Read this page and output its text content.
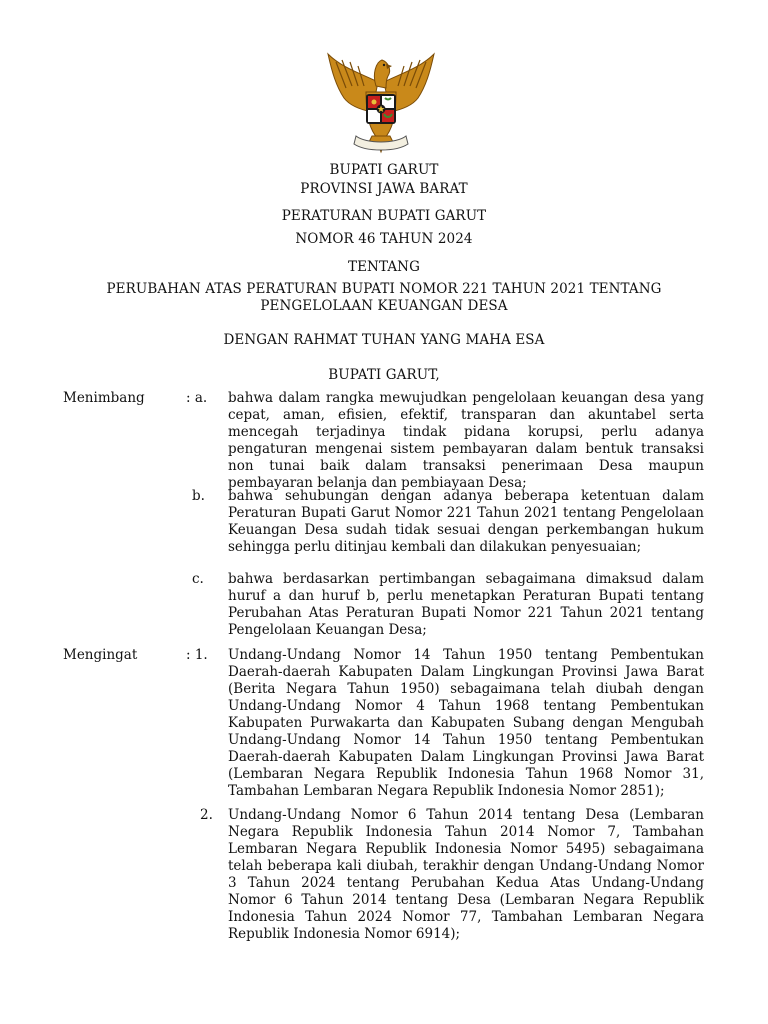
BUPATI GARUT
PROVINSI JAWA BARAT
PERATURAN BUPATI GARUT
NOMOR 46 TAHUN 2024
TENTANG
PERUBAHAN ATAS PERATURAN BUPATI NOMOR 221 TAHUN 2021 TENTANG
PENGELOLAAN KEUANGAN DESA
DENGAN RAHMAT TUHAN YANG MAHA ESA
BUPATI GARUT,
Menimbang	: a. bahwa dalam rangka mewujudkan pengelolaan keuangan desa yang cepat, aman, efisien, efektif, transparan dan akuntabel serta mencegah terjadinya tindak pidana korupsi, perlu adanya pengaturan mengenai sistem pembayaran dalam bentuk transaksi non tunai baik dalam transaksi penerimaan Desa maupun pembayaran belanja dan pembiayaan Desa;
b. bahwa sehubungan dengan adanya beberapa ketentuan dalam Peraturan Bupati Garut Nomor 221 Tahun 2021 tentang Pengelolaan Keuangan Desa sudah tidak sesuai dengan perkembangan hukum sehingga perlu ditinjau kembali dan dilakukan penyesuaian;
c. bahwa berdasarkan pertimbangan sebagaimana dimaksud dalam huruf a dan huruf b, perlu menetapkan Peraturan Bupati tentang Perubahan Atas Peraturan Bupati Nomor 221 Tahun 2021 tentang Pengelolaan Keuangan Desa;
Mengingat	: 1. Undang-Undang Nomor 14 Tahun 1950 tentang Pembentukan Daerah-daerah Kabupaten Dalam Lingkungan Provinsi Jawa Barat (Berita Negara Tahun 1950) sebagaimana telah diubah dengan Undang-Undang Nomor 4 Tahun 1968 tentang Pembentukan Kabupaten Purwakarta dan Kabupaten Subang dengan Mengubah Undang-Undang Nomor 14 Tahun 1950 tentang Pembentukan Daerah-daerah Kabupaten Dalam Lingkungan Provinsi Jawa Barat (Lembaran Negara Republik Indonesia Tahun 1968 Nomor 31, Tambahan Lembaran Negara Republik Indonesia Nomor 2851);
2. Undang-Undang Nomor 6 Tahun 2014 tentang Desa (Lembaran Negara Republik Indonesia Tahun 2014 Nomor 7, Tambahan Lembaran Negara Republik Indonesia Nomor 5495) sebagaimana telah beberapa kali diubah, terakhir dengan Undang-Undang Nomor 3 Tahun 2024 tentang Perubahan Kedua Atas Undang-Undang Nomor 6 Tahun 2014 tentang Desa (Lembaran Negara Republik Indonesia Tahun 2024 Nomor 77, Tambahan Lembaran Negara Republik Indonesia Nomor 6914);
